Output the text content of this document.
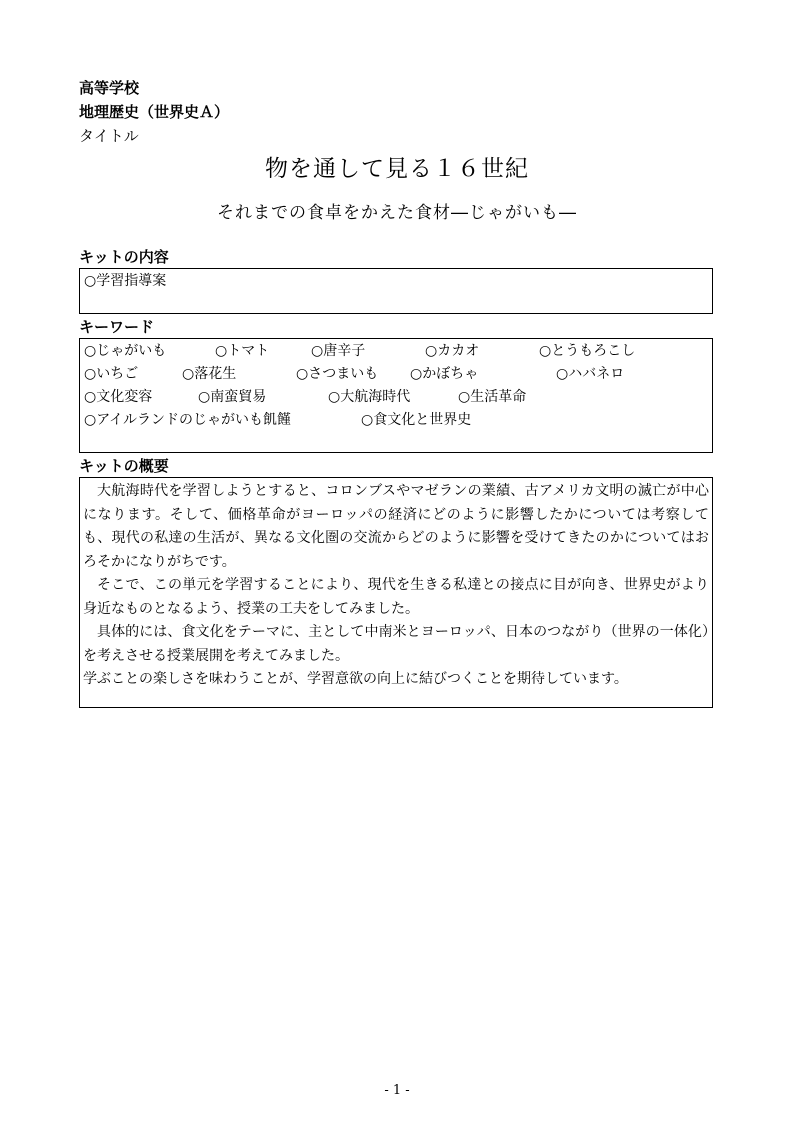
高等学校
地理歴史（世界史Ａ）
タイトル
物を通して見る１６世紀
それまでの食卓をかえた食材―じゃがいも―
キットの内容
○学習指導案
キーワード
○じゃがいも	○トマト	○唐辛子	○カカオ	○とうもろこし
○いちご	○落花生	○さつまいも ○かぼちゃ	○ハバネロ
○文化変容	○南蛮貿易	○大航海時代	○生活革命
○アイルランドのじゃがいも飢饉	○食文化と世界史
キットの概要

大航海時代を学習しようとすると、コロンブスやマゼランの業績、古アメリカ文明の滅亡が中心になります。そして、価格革命がヨーロッパの経済にどのように影響したかについては考察しても、現代の私達の生活が、異なる文化圏の交流からどのように影響を受けてきたのかについてはおろそかになりがちです。

そこで、この単元を学習することにより、現代を生きる私達との接点に目が向き、世界史がより身近なものとなるよう、授業の工夫をしてみました。

具体的には、食文化をテーマに、主として中南米とヨーロッパ、日本のつながり（世界の一体化）を考えさせる授業展開を考えてみました。

学ぶことの楽しさを味わうことが、学習意欲の向上に結びつくことを期待しています。

- 1 -
